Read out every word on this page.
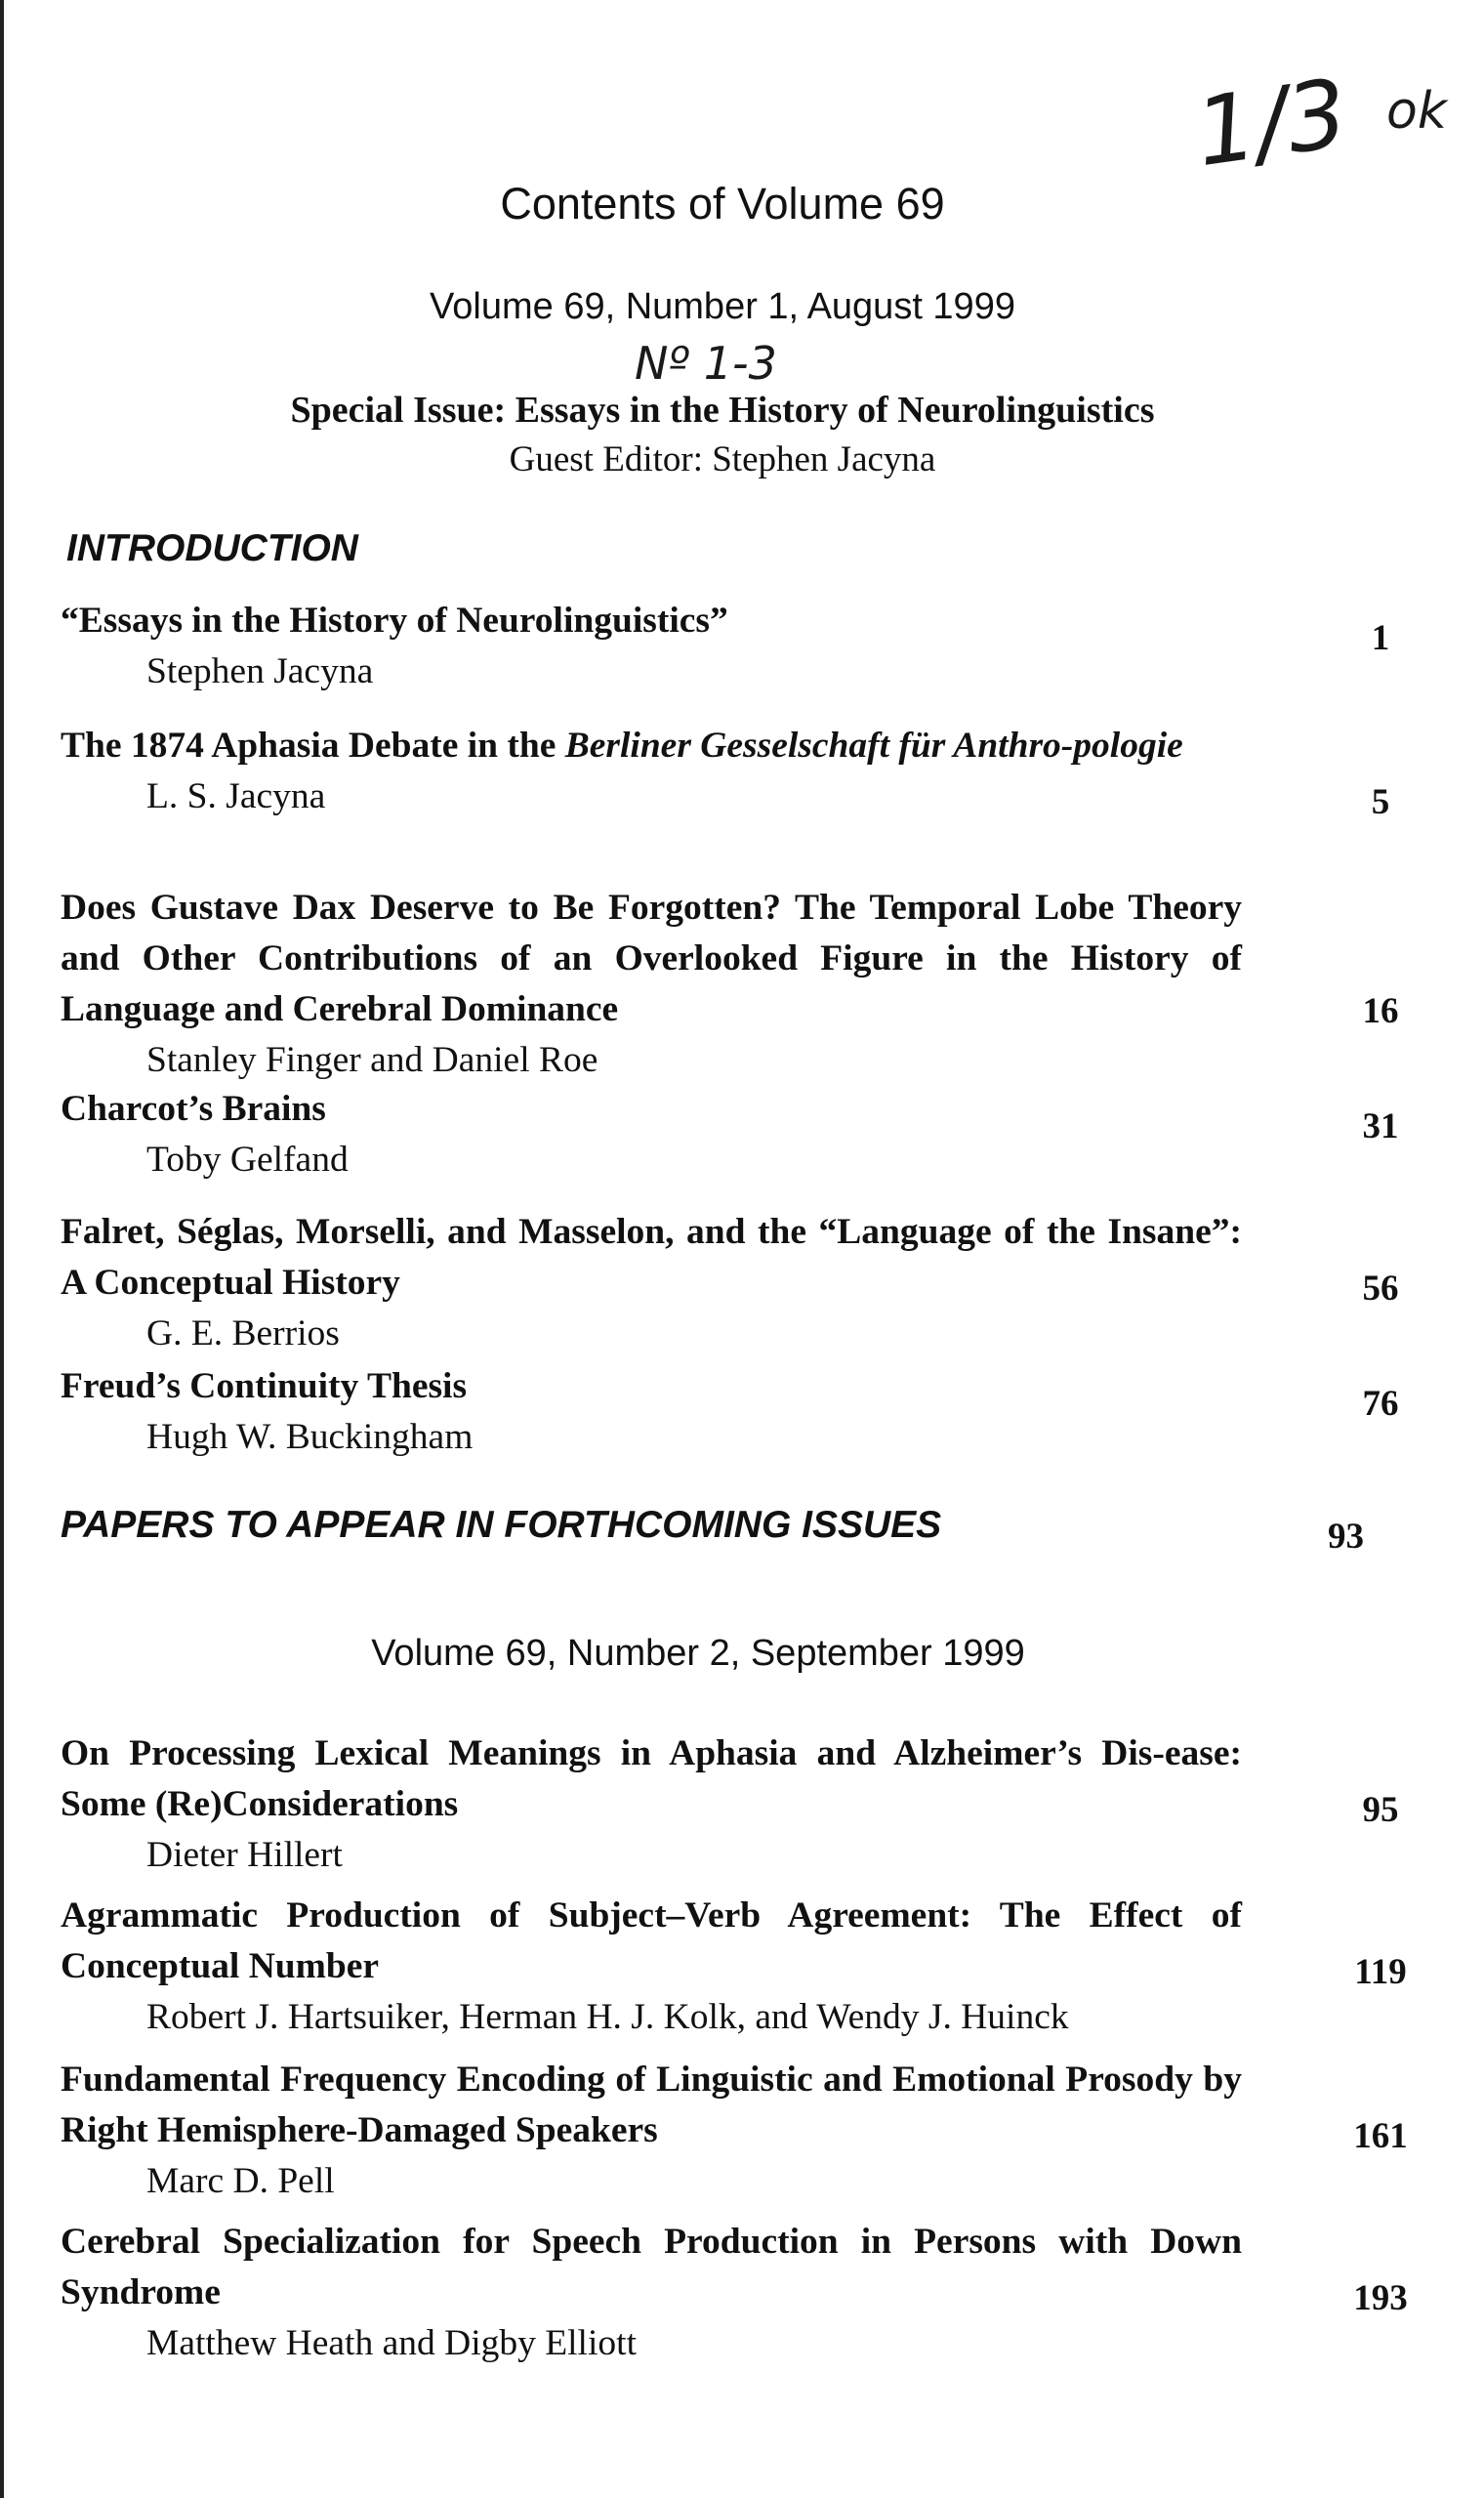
1/3 ok
Nº 1-3
Contents of Volume 69
Volume 69, Number 1, August 1999
Special Issue: Essays in the History of Neurolinguistics
Guest Editor: Stephen Jacyna
INTRODUCTION
“Essays in the History of Neurolinguistics”
Stephen Jacyna
1
The 1874 Aphasia Debate in the Berliner Gesselschaft für Anthro-pologie
L. S. Jacyna	5
Does Gustave Dax Deserve to Be Forgotten? The Temporal Lobe Theory and Other Contributions of an Overlooked Figure in the History of Language and Cerebral Dominance
Stanley Finger and Daniel Roe
16
Charcot’s Brains
Toby Gelfand
31
Falret, Séglas, Morselli, and Masselon, and the “Language of the Insane”: A Conceptual History
G. E. Berrios
56
Freud’s Continuity Thesis
Hugh W. Buckingham
76
PAPERS TO APPEAR IN FORTHCOMING ISSUES	93
Volume 69, Number 2, September 1999
On Processing Lexical Meanings in Aphasia and Alzheimer’s Dis-ease: Some (Re)Considerations
Dieter Hillert
95
Agrammatic Production of Subject–Verb Agreement: The Effect of Conceptual Number
Robert J. Hartsuiker, Herman H. J. Kolk, and Wendy J. Huinck
119
Fundamental Frequency Encoding of Linguistic and Emotional Prosody by Right Hemisphere-Damaged Speakers
Marc D. Pell
161
Cerebral Specialization for Speech Production in Persons with Down Syndrome
Matthew Heath and Digby Elliott
193
